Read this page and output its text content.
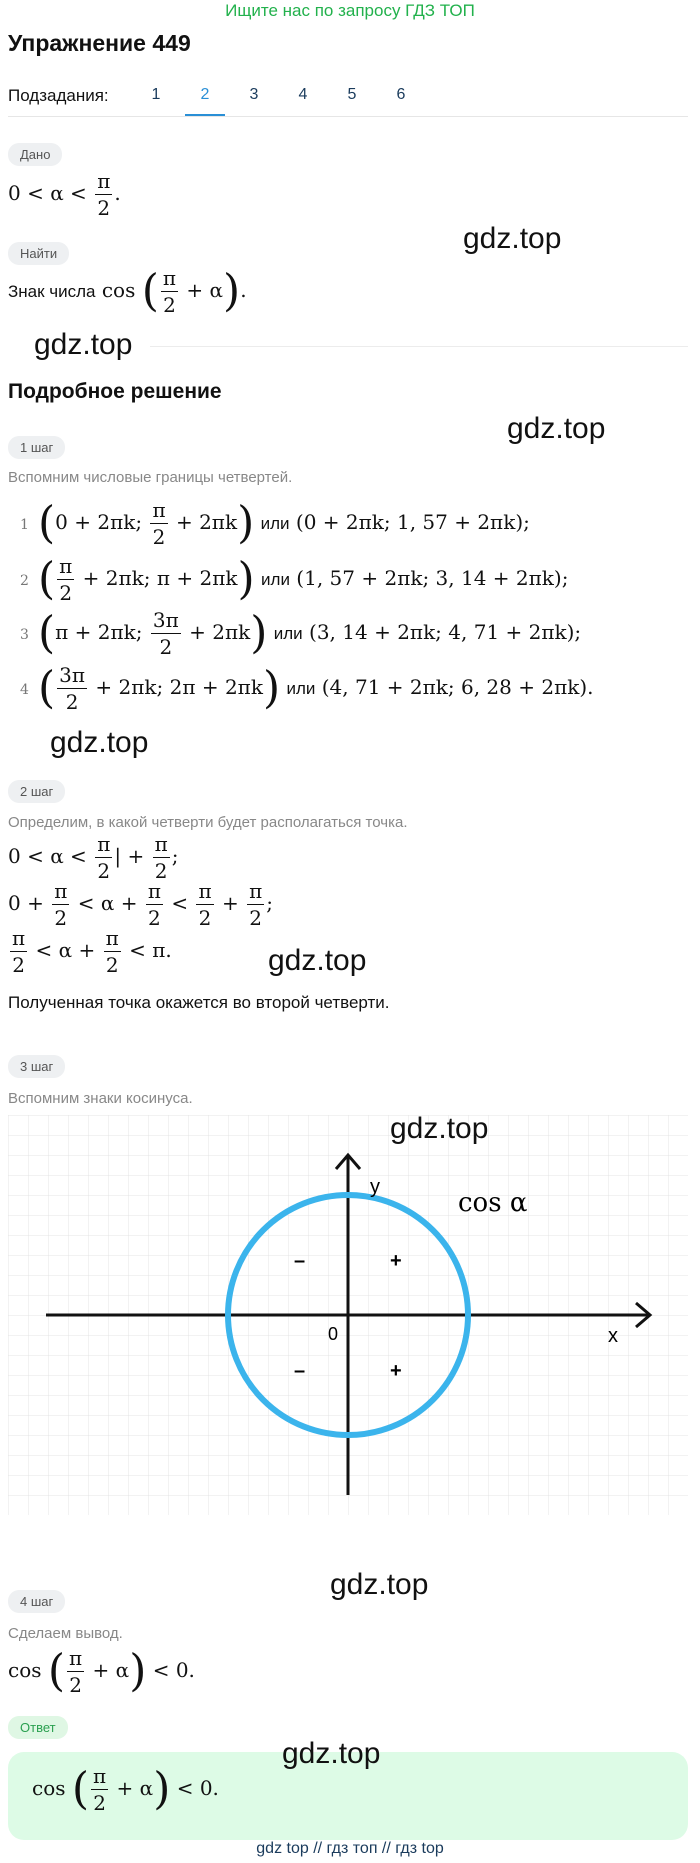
Ищите нас по запросу ГДЗ ТОП
Упражнение 449
Подзадания:	1	2	3	4	5	6
Дано
$0 < \alpha < \frac{\pi}{2}$ .
Найти
Знак числа cos ( $\frac{\pi}{2} + \alpha$).
gdz.top
gdz.top
Подробное решение
gdz.top
1 шаг
Вспомним числовые границы четвертей.
1 (0 + 2πk; $\frac{\pi}{2} + 2\pi k$) или (0 + 2πk; 1, 57 + 2πk);
2 ( $\frac{\pi}{2} + 2\pi k$; π + 2πk) или (1, 57 + 2πk; 3, 14 + 2πk);
3 (π + 2πk; $\frac{3\pi}{2} + 2\pi k$) или (3, 14 + 2πk; 4, 71 + 2πk);
4 ( $\frac{3\pi}{2} + 2\pi k$; 2π + 2πk) или (4, 71 + 2πk; 6, 28 + 2πk).
gdz.top
2 шаг
Определим, в какой четверти будет располагаться точка.
$0 < \alpha < \frac{\pi}{2}$ | + $\frac{\pi}{2}$ ;
$0 + \frac{\pi}{2} < \alpha + \frac{\pi}{2} < \frac{\pi}{2} + \frac{\pi}{2}$ ;
$\frac{\pi}{2} < \alpha + \frac{\pi}{2} < \pi$.	gdz.top
Полученная точка окажется во второй четверти.
3 шаг
Вспомним знаки косинуса.
y
x
0
cos α
–	+
–	+
gdz.top
gdz.top
4 шаг
Сделаем вывод.
cos ( $\frac{\pi}{2} + \alpha) < 0$.
Ответ
cos ( $\frac{\pi}{2} + \alpha) < 0$.
gdz.top
gdz top // гдз топ // гдз top
